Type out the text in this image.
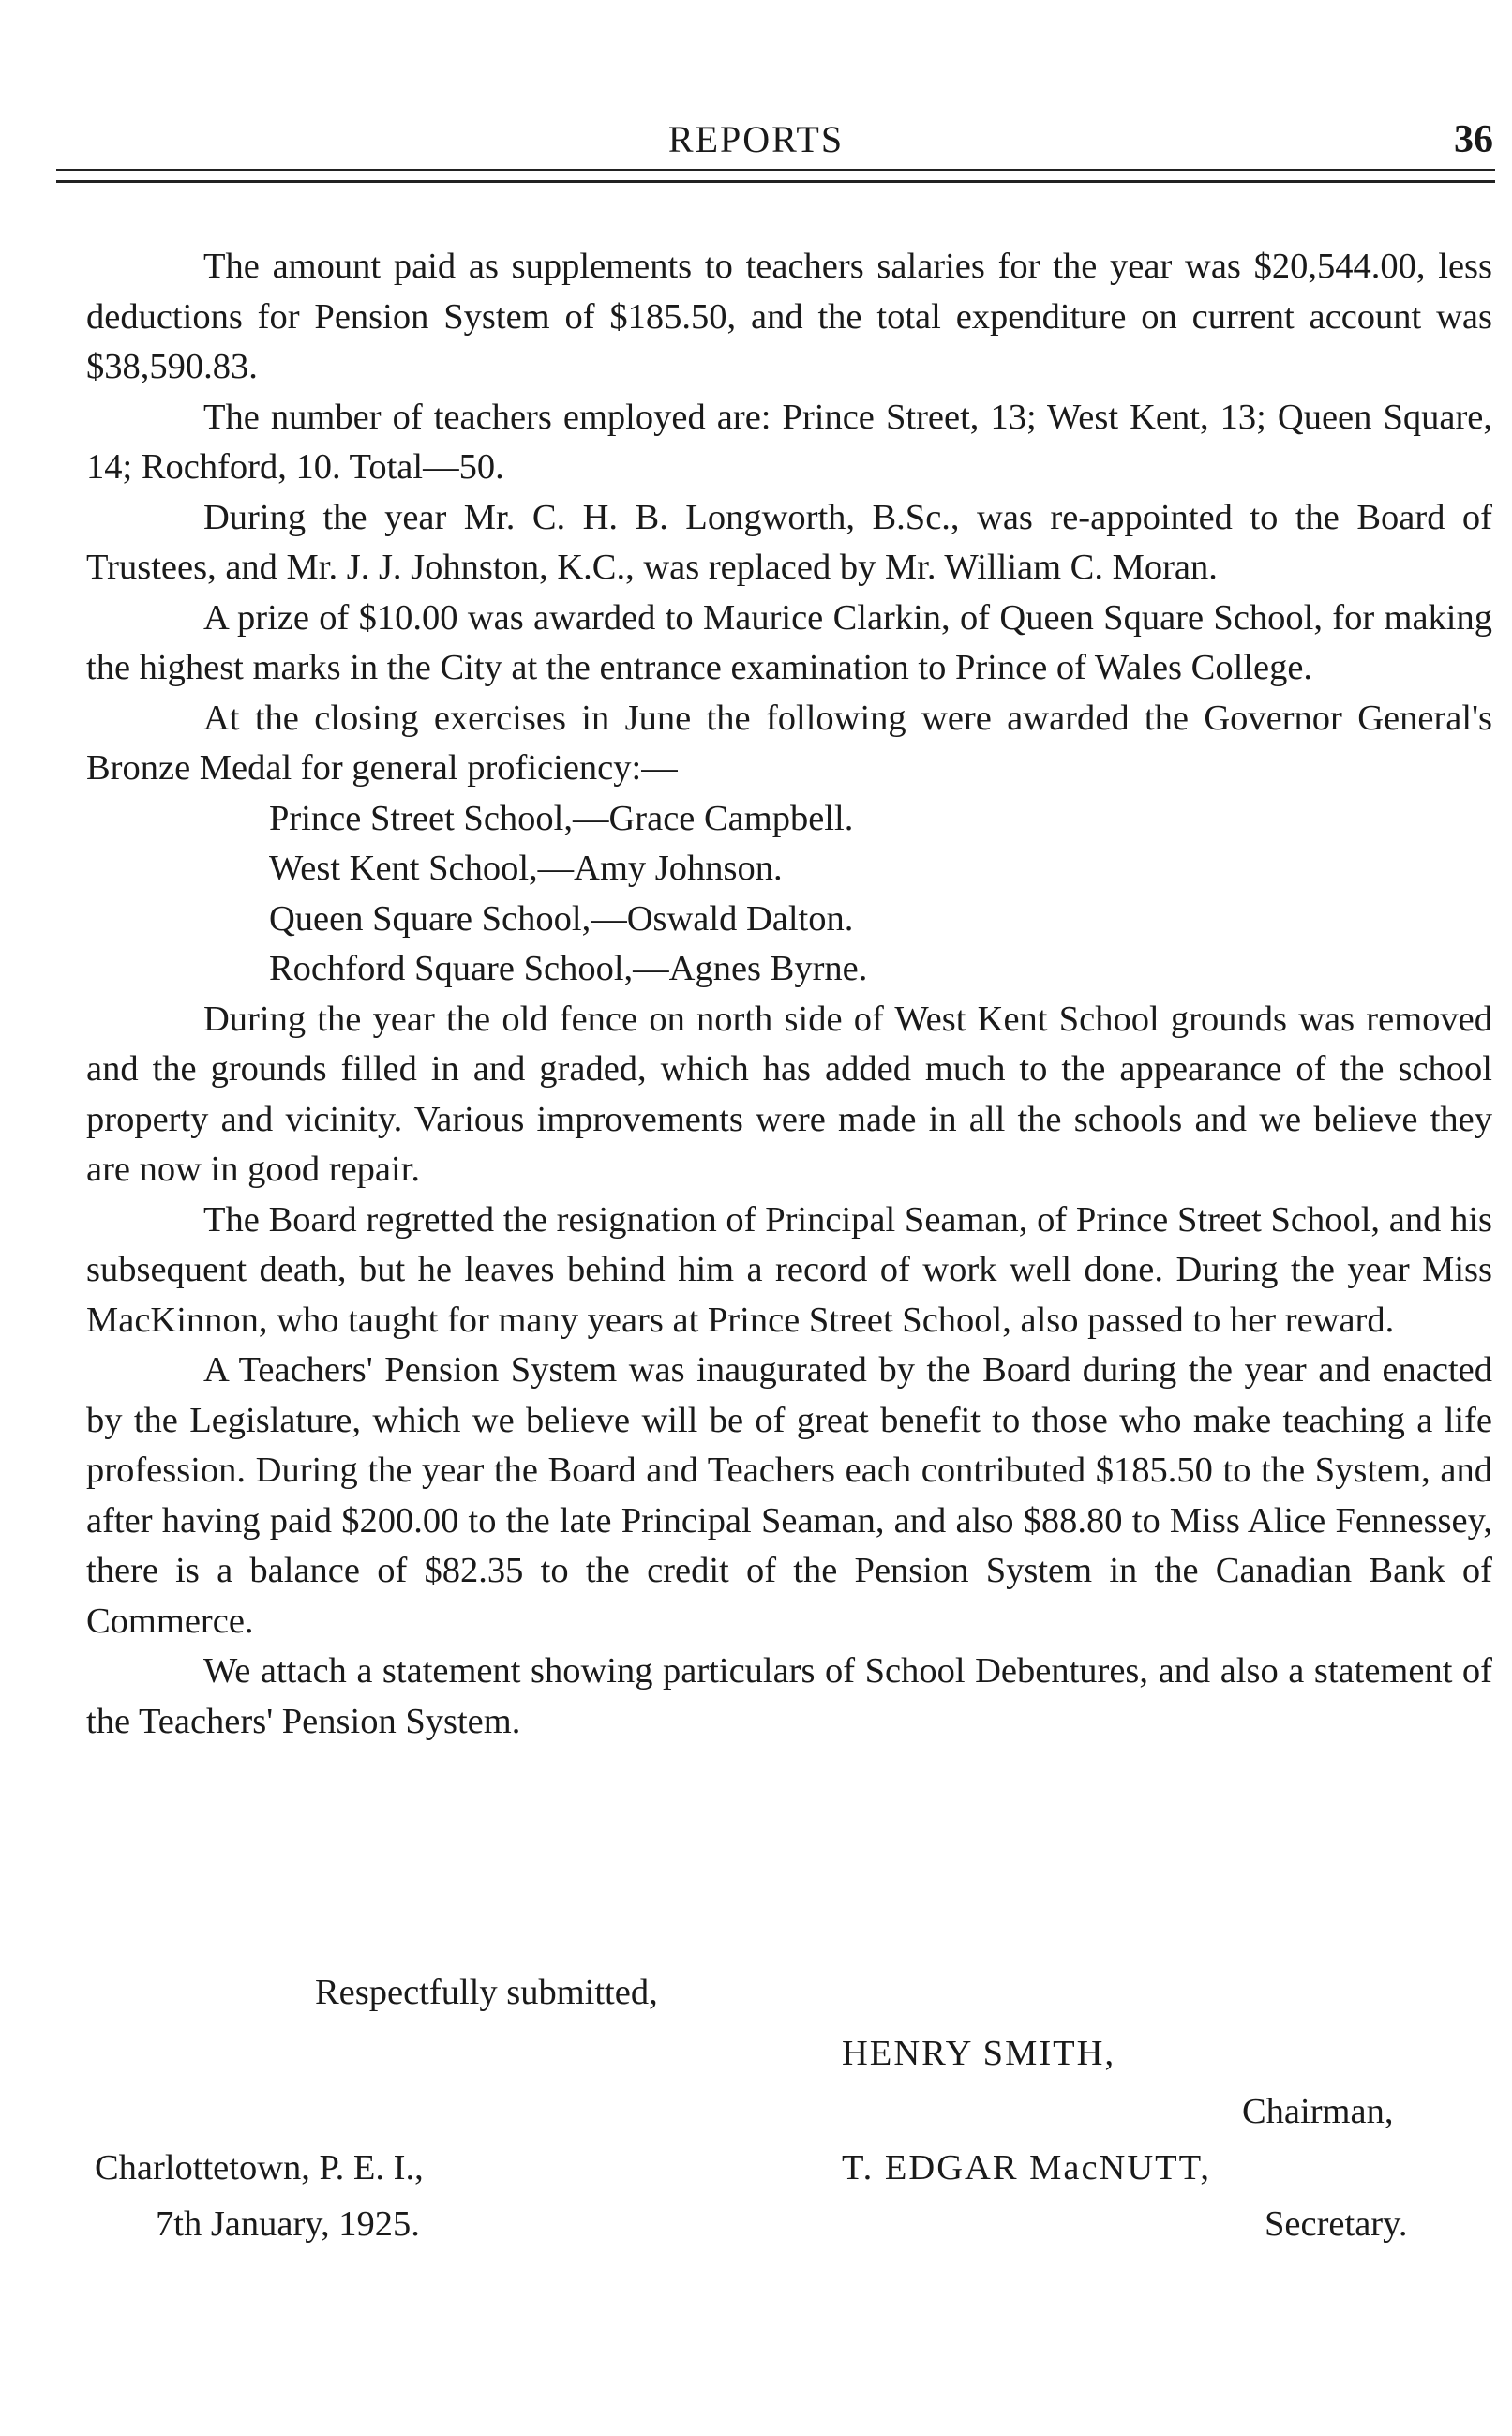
REPORTS	36

The amount paid as supplements to teachers salaries for the year was $20,544.00, less deductions for Pension System of $185.50, and the total expenditure on current account was $38,590.83.

The number of teachers employed are: Prince Street, 13; West Kent, 13; Queen Square, 14; Rochford, 10. Total—50.

During the year Mr. C. H. B. Longworth, B.Sc., was re-appointed to the Board of Trustees, and Mr. J. J. Johnston, K.C., was replaced by Mr. William C. Moran.

A prize of $10.00 was awarded to Maurice Clarkin, of Queen Square School, for making the highest marks in the City at the entrance examination to Prince of Wales College.

At the closing exercises in June the following were awarded the Governor General's Bronze Medal for general proficiency:—

Prince Street School,—Grace Campbell.
West Kent School,—Amy Johnson.
Queen Square School,—Oswald Dalton.
Rochford Square School,—Agnes Byrne.

During the year the old fence on north side of West Kent School grounds was removed and the grounds filled in and graded, which has added much to the appearance of the school property and vicinity. Various improvements were made in all the schools and we believe they are now in good repair.

The Board regretted the resignation of Principal Seaman, of Prince Street School, and his subsequent death, but he leaves behind him a record of work well done. During the year Miss MacKinnon, who taught for many years at Prince Street School, also passed to her reward.

A Teachers' Pension System was inaugurated by the Board during the year and enacted by the Legislature, which we believe will be of great benefit to those who make teaching a life profession. During the year the Board and Teachers each contributed $185.50 to the System, and after having paid $200.00 to the late Principal Seaman, and also $88.80 to Miss Alice Fennessey, there is a balance of $82.35 to the credit of the Pension System in the Canadian Bank of Commerce.

We attach a statement showing particulars of School Debentures, and also a statement of the Teachers' Pension System.

Respectfully submitted,
HENRY SMITH,
Chairman,
Charlottetown, P. E. I.,	T. EDGAR MacNUTT,
7th January, 1925.	Secretary.
